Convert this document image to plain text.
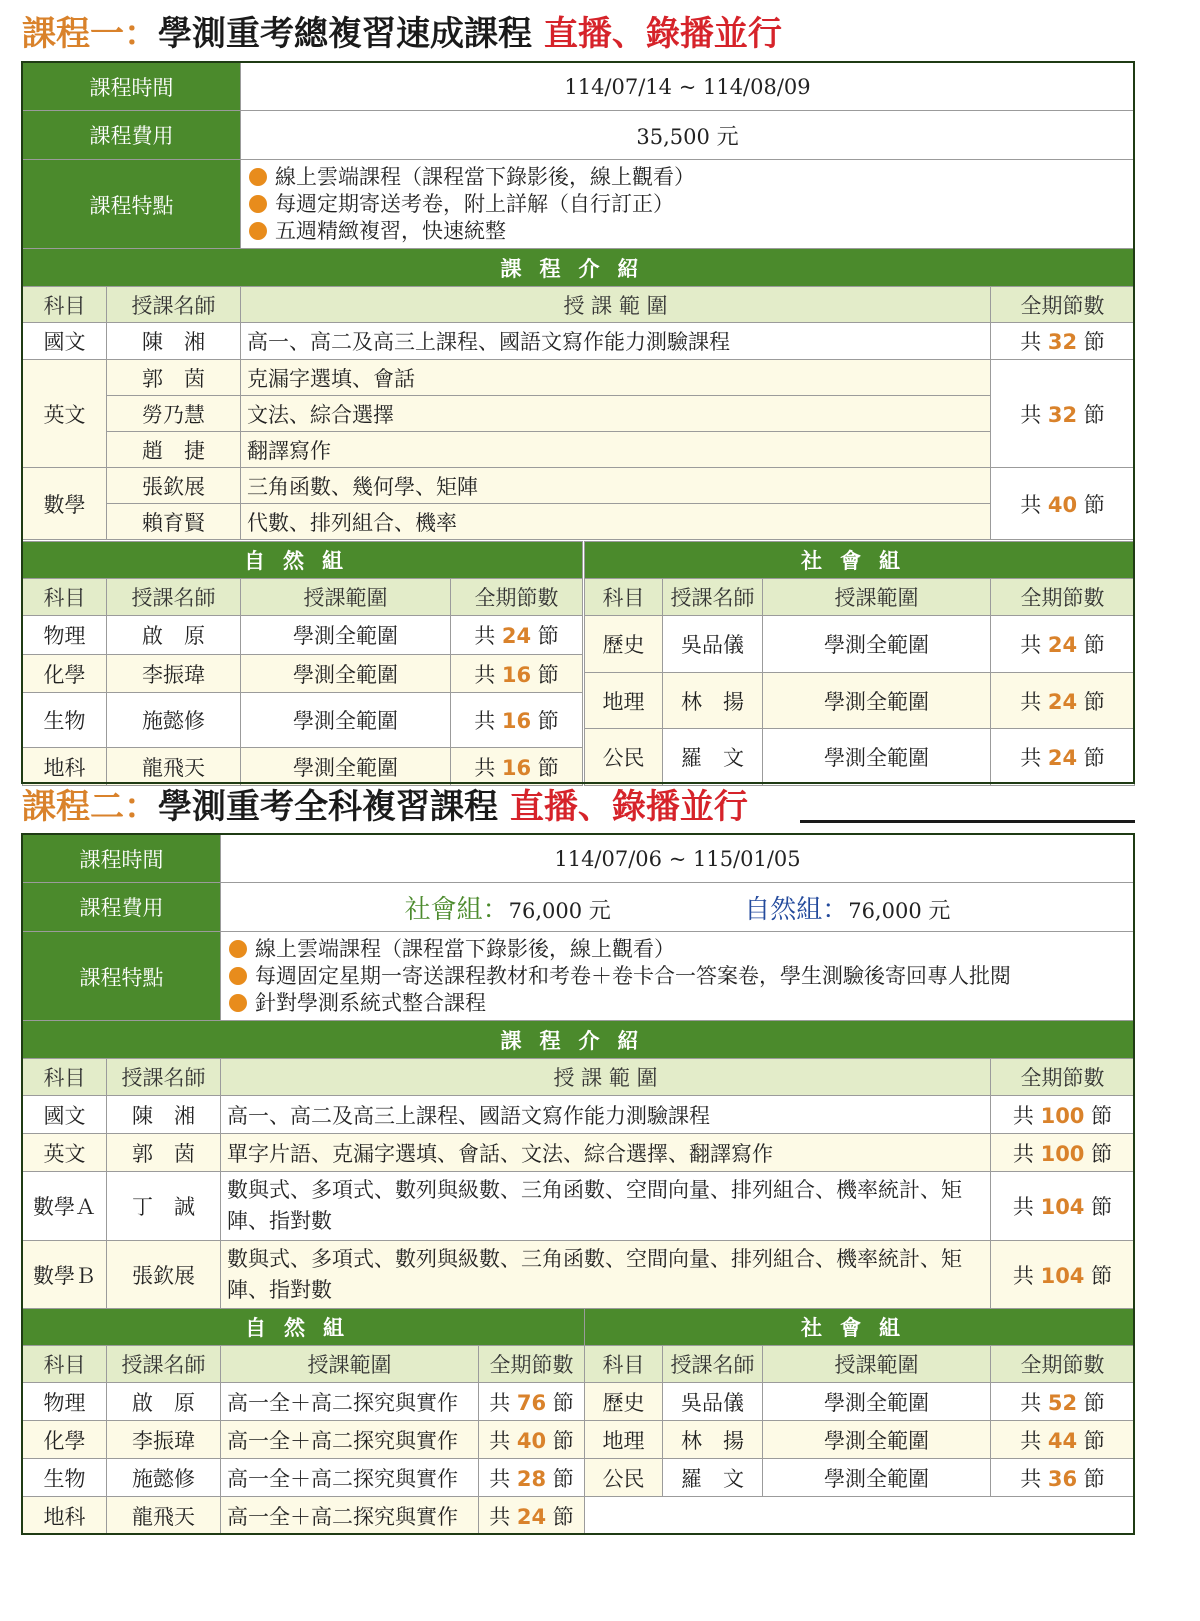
課程一：學測重考總複習速成課程 直播、錄播並行
課程時間	114/07/14 ~ 114/08/09
課程費用	35,500 元
課程特點	線上雲端課程（課程當下錄影後，線上觀看）
每週定期寄送考卷，附上詳解（自行訂正）
五週精緻複習，快速統整
課程介紹			
科目	授課名師	授 課 範 圍	全期節數
國文	陳　湘	高一、高二及高三上課程、國語文寫作能力測驗課程	共 32 節
英文	郭　茵	克漏字選填、會話	共 32 節
	勞乃慧	文法、綜合選擇	
	趙　捷	翻譯寫作	
數學	張欽展	三角函數、幾何學、矩陣	共 40 節
	賴育賢	代數、排列組合、機率	
自然組			
科目	授課名師	授課範圍	全期節數
物理	啟　原	學測全範圍	共 24 節
化學	李振瑋	學測全範圍	共 16 節
生物	施懿修	學測全範圍	共 16 節
地科	龍飛天	學測全範圍	共 16 節
社會組			
科目	授課名師	授課範圍	全期節數
歷史	吳品儀	學測全範圍	共 24 節
地理	林　揚	學測全範圍	共 24 節
公民	羅　文	學測全範圍	共 24 節
課程二：學測重考全科複習課程 直播、錄播並行
課程時間	114/07/06 ~ 115/01/05
課程費用	社會組：76,000 元 自然組：76,000 元
課程特點	線上雲端課程（課程當下錄影後，線上觀看）
每週固定星期一寄送課程教材和考卷＋卷卡合一答案卷，學生測驗後寄回專人批閱
針對學測系統式整合課程
課程介紹			
科目	授課名師	授 課 範 圍	全期節數
國文	陳　湘	高一、高二及高三上課程、國語文寫作能力測驗課程	共 100 節
英文	郭　茵	單字片語、克漏字選填、會話、文法、綜合選擇、翻譯寫作	共 100 節
數學Ａ	丁　誠	數與式、多項式、數列與級數、三角函數、空間向量、排列組合、機率統計、矩陣、指對數	共 104 節
數學Ｂ	張欽展	數與式、多項式、數列與級數、三角函數、空間向量、排列組合、機率統計、矩陣、指對數	共 104 節
自然組			
科目	授課名師	授課範圍	全期節數
物理	啟　原	高一全＋高二探究與實作	共 76 節
化學	李振瑋	高一全＋高二探究與實作	共 40 節
生物	施懿修	高一全＋高二探究與實作	共 28 節
地科	龍飛天	高一全＋高二探究與實作	共 24 節
社會組			
科目	授課名師	授課範圍	全期節數
歷史	吳品儀	學測全範圍	共 52 節
地理	林　揚	學測全範圍	共 44 節
公民	羅　文	學測全範圍	共 36 節
